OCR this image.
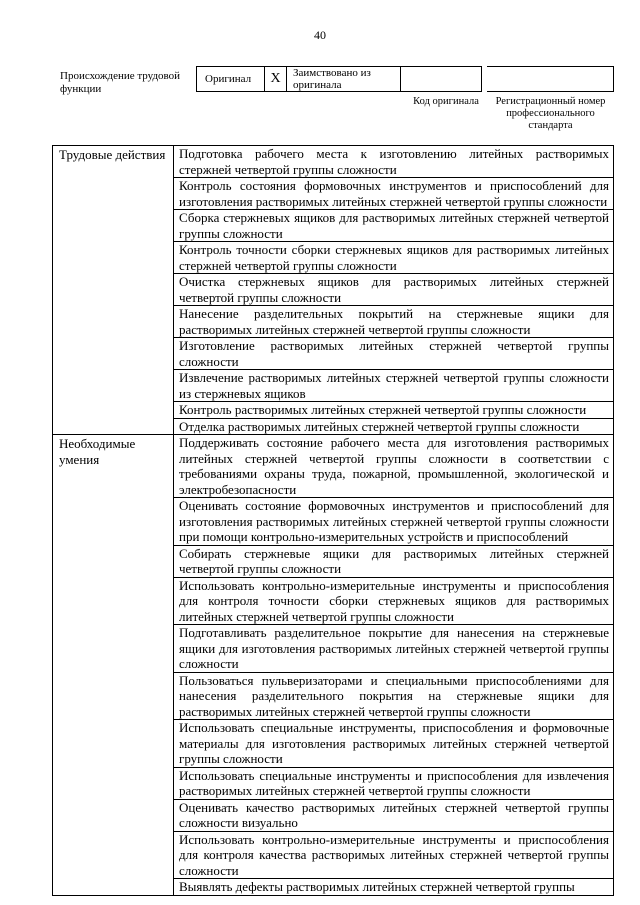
40
Происхождение трудовой функции
Оригинал	X	Заимствовано из оригинала
Код оригинала	Регистрационный номер профессионального стандарта
Трудовые действия	Подготовка рабочего места к изготовлению литейных растворимых стержней четвертой группы сложности
	Контроль состояния формовочных инструментов и приспособлений для изготовления растворимых литейных стержней четвертой группы сложности
	Сборка стержневых ящиков для растворимых литейных стержней четвертой группы сложности
	Контроль точности сборки стержневых ящиков для растворимых литейных стержней четвертой группы сложности
	Очистка стержневых ящиков для растворимых литейных стержней четвертой группы сложности
	Нанесение разделительных покрытий на стержневые ящики для растворимых литейных стержней четвертой группы сложности
	Изготовление растворимых литейных стержней четвертой группы сложности
	Извлечение растворимых литейных стержней четвертой группы сложности из стержневых ящиков
	Контроль растворимых литейных стержней четвертой группы сложности
	Отделка растворимых литейных стержней четвертой группы сложности
Необходимые умения	Поддерживать состояние рабочего места для изготовления растворимых литейных стержней четвертой группы сложности в соответствии с требованиями охраны труда, пожарной, промышленной, экологической и электробезопасности
	Оценивать состояние формовочных инструментов и приспособлений для изготовления растворимых литейных стержней четвертой группы сложности при помощи контрольно-измерительных устройств и приспособлений
	Собирать стержневые ящики для растворимых литейных стержней четвертой группы сложности
	Использовать контрольно-измерительные инструменты и приспособления для контроля точности сборки стержневых ящиков для растворимых литейных стержней четвертой группы сложности
	Подготавливать разделительное покрытие для нанесения на стержневые ящики для изготовления растворимых литейных стержней четвертой группы сложности
	Пользоваться пульверизаторами и специальными приспособлениями для нанесения разделительного покрытия на стержневые ящики для растворимых литейных стержней четвертой группы сложности
	Использовать специальные инструменты, приспособления и формовочные материалы для изготовления растворимых литейных стержней четвертой группы сложности
	Использовать специальные инструменты и приспособления для извлечения растворимых литейных стержней четвертой группы сложности
	Оценивать качество растворимых литейных стержней четвертой группы сложности визуально
	Использовать контрольно-измерительные инструменты и приспособления для контроля качества растворимых литейных стержней четвертой группы сложности
	Выявлять дефекты растворимых литейных стержней четвертой группы
